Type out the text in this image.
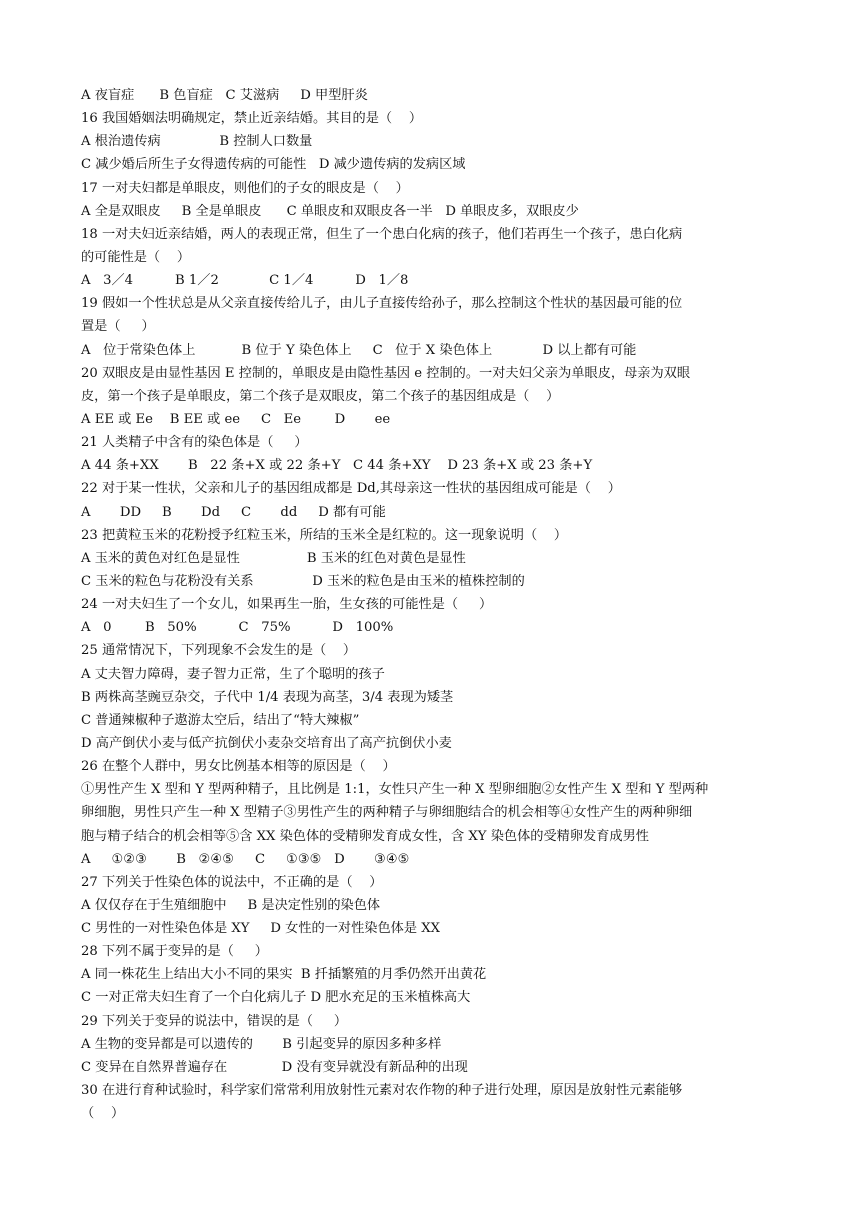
A 夜盲症      B 色盲症   C 艾滋病     D 甲型肝炎
16 我国婚姻法明确规定，禁止近亲结婚。其目的是（    ）
A 根治遗传病              B 控制人口数量
C 减少婚后所生子女得遗传病的可能性   D 减少遗传病的发病区域
17 一对夫妇都是单眼皮，则他们的子女的眼皮是（    ）
A 全是双眼皮     B 全是单眼皮      C 单眼皮和双眼皮各一半   D 单眼皮多，双眼皮少
18 一对夫妇近亲结婚，两人的表现正常，但生了一个患白化病的孩子，他们若再生一个孩子，患白化病
的可能性是（    ）
A   3／4          B 1／2            C 1／4          D   1／8
19 假如一个性状总是从父亲直接传给儿子，由儿子直接传给孙子，那么控制这个性状的基因最可能的位
置是（     ）
A   位于常染色体上           B 位于 Y 染色体上     C   位于 X 染色体上            D 以上都有可能
20 双眼皮是由显性基因 E 控制的，单眼皮是由隐性基因 e 控制的。一对夫妇父亲为单眼皮，母亲为双眼
皮，第一个孩子是单眼皮，第二个孩子是双眼皮，第二个孩子的基因组成是（    ）
A EE 或 Ee    B EE 或 ee     C   Ee        D       ee
21 人类精子中含有的染色体是（     ）
A 44 条+XX       B   22 条+X 或 22 条+Y   C 44 条+XY    D 23 条+X 或 23 条+Y
22 对于某一性状，父亲和儿子的基因组成都是 Dd,其母亲这一性状的基因组成可能是（    ）
A       DD     B       Dd     C       dd     D 都有可能
23 把黄粒玉米的花粉授予红粒玉米，所结的玉米全是红粒的。这一现象说明（    ）
A 玉米的黄色对红色是显性                B 玉米的红色对黄色是显性
C 玉米的粒色与花粉没有关系              D 玉米的粒色是由玉米的植株控制的
24 一对夫妇生了一个女儿，如果再生一胎，生女孩的可能性是（     ）
A   0        B   50%          C   75%          D   100%
25 通常情况下，下列现象不会发生的是（    ）
A 丈夫智力障碍，妻子智力正常，生了个聪明的孩子
B 两株高茎豌豆杂交，子代中 1/4 表现为高茎，3/4 表现为矮茎
C 普通辣椒种子遨游太空后，结出了“特大辣椒”
D 高产倒伏小麦与低产抗倒伏小麦杂交培育出了高产抗倒伏小麦
26 在整个人群中，男女比例基本相等的原因是（    ）
①男性产生 X 型和 Y 型两种精子，且比例是 1:1，女性只产生一种 X 型卵细胞②女性产生 X 型和 Y 型两种
卵细胞，男性只产生一种 X 型精子③男性产生的两种精子与卵细胞结合的机会相等④女性产生的两种卵细
胞与精子结合的机会相等⑤含 XX 染色体的受精卵发育成女性，含 XY 染色体的受精卵发育成男性
A     ①②③       B   ②④⑤     C     ①③⑤   D       ③④⑤
27 下列关于性染色体的说法中，不正确的是（    ）
A 仅仅存在于生殖细胞中     B 是决定性别的染色体
C 男性的一对性染色体是 XY     D 女性的一对性染色体是 XX
28 下列不属于变异的是（     ）
A 同一株花生上结出大小不同的果实  B 扦插繁殖的月季仍然开出黄花
C 一对正常夫妇生育了一个白化病儿子 D 肥水充足的玉米植株高大
29 下列关于变异的说法中，错误的是（     ）
A 生物的变异都是可以遗传的       B 引起变异的原因多种多样
C 变异在自然界普遍存在             D 没有变异就没有新品种的出现
30 在进行育种试验时，科学家们常常利用放射性元素对农作物的种子进行处理，原因是放射性元素能够
（    ）
